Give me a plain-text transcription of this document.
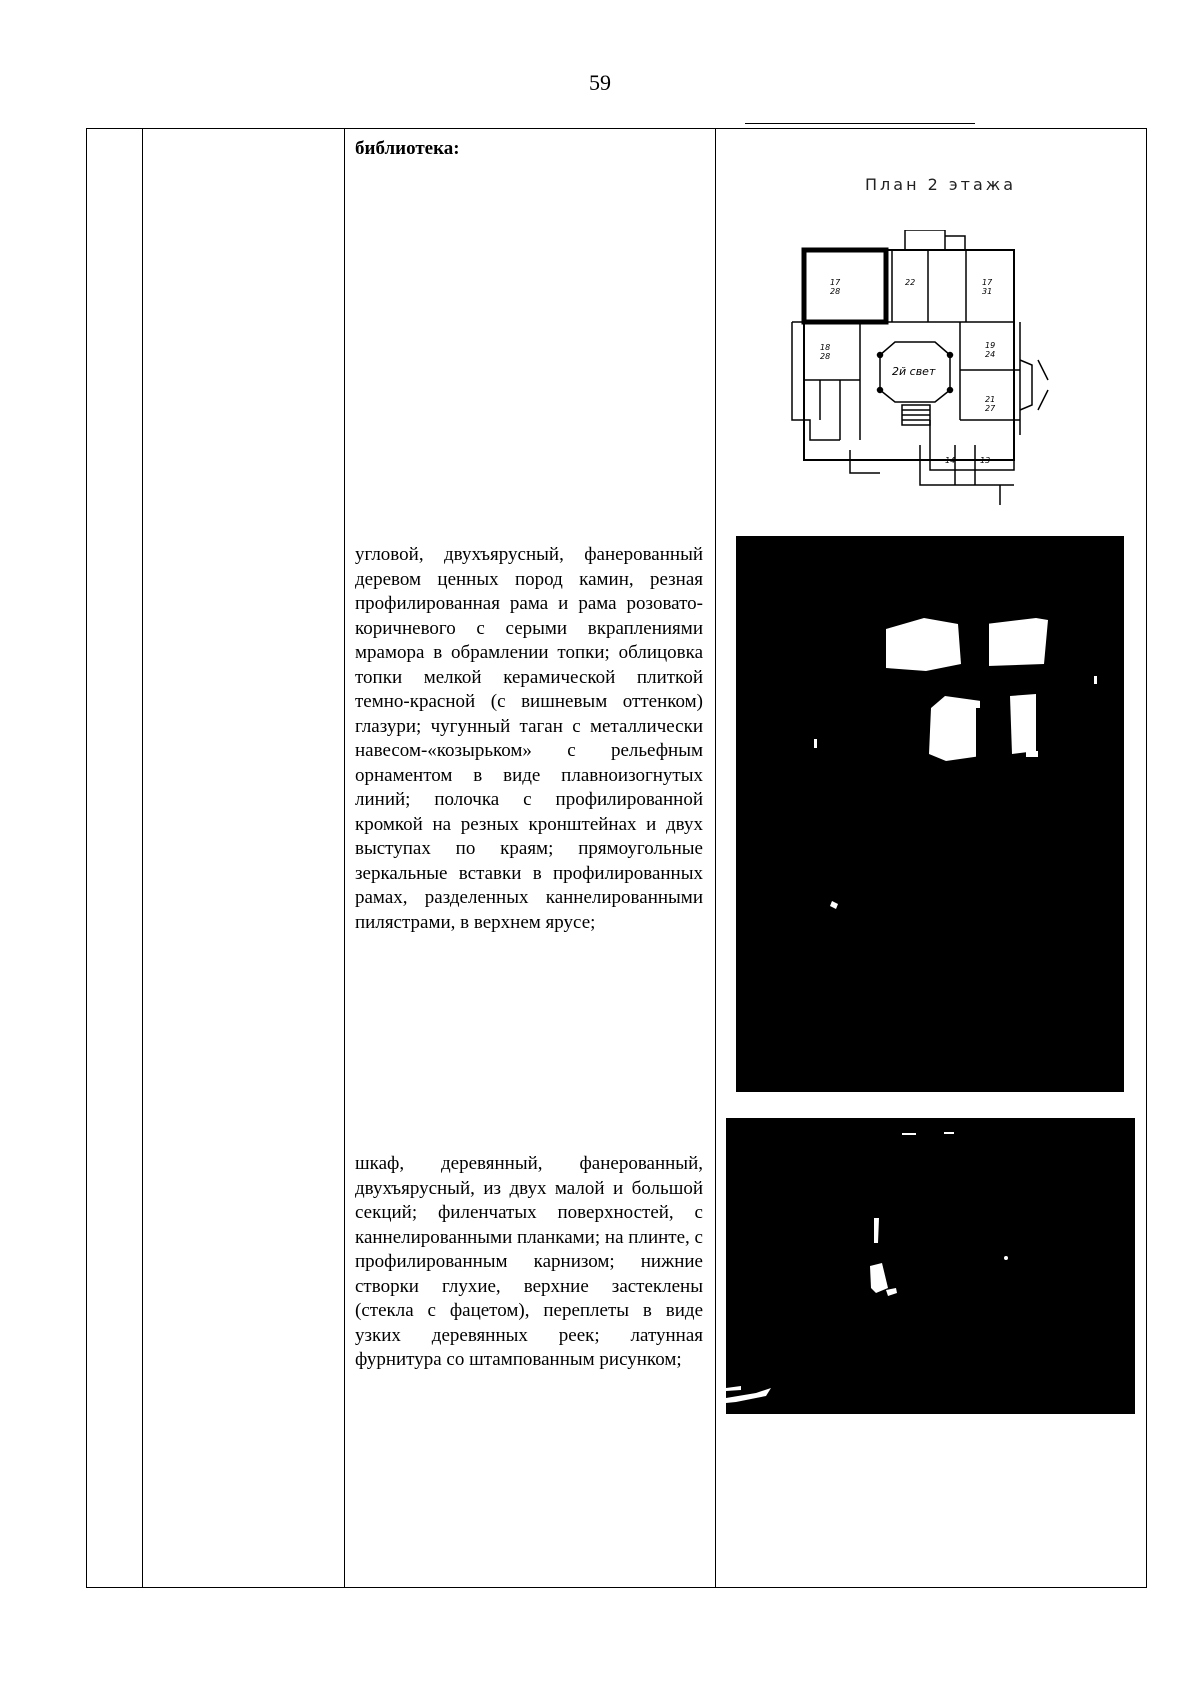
59
библиотека:
угловой, двухъярусный, фанерованный деревом ценных пород камин, резная профилированная рама и рама розовато-коричневого с серыми вкраплениями мрамора в обрамлении топки; облицовка топки мелкой керамической плиткой темно-красной (с вишневым оттенком) глазури; чугунный таган с металлически навесом-«козырьком» с рельефным орнаментом в виде плавноизогнутых линий; полочка с профилированной кромкой на резных кронштейнах и двух выступах по краям; прямоугольные зеркальные вставки в профилированных рамах, разделенных каннелированными пилястрами, в верхнем ярусе;
шкаф, деревянный, фанерованный, двухъярусный, из двух малой и большой секций; филенчатых поверхностей, с каннелированными планками; на плинте, с профилированным карнизом; нижние створки глухие, верхние застеклены (стекла с фацетом), переплеты в виде узких деревянных реек; латунная фурнитура со штампованным рисунком;
План 2 этажа
17
28
22	17
31
18
28
19
24
21
27
2й свет
14	13
